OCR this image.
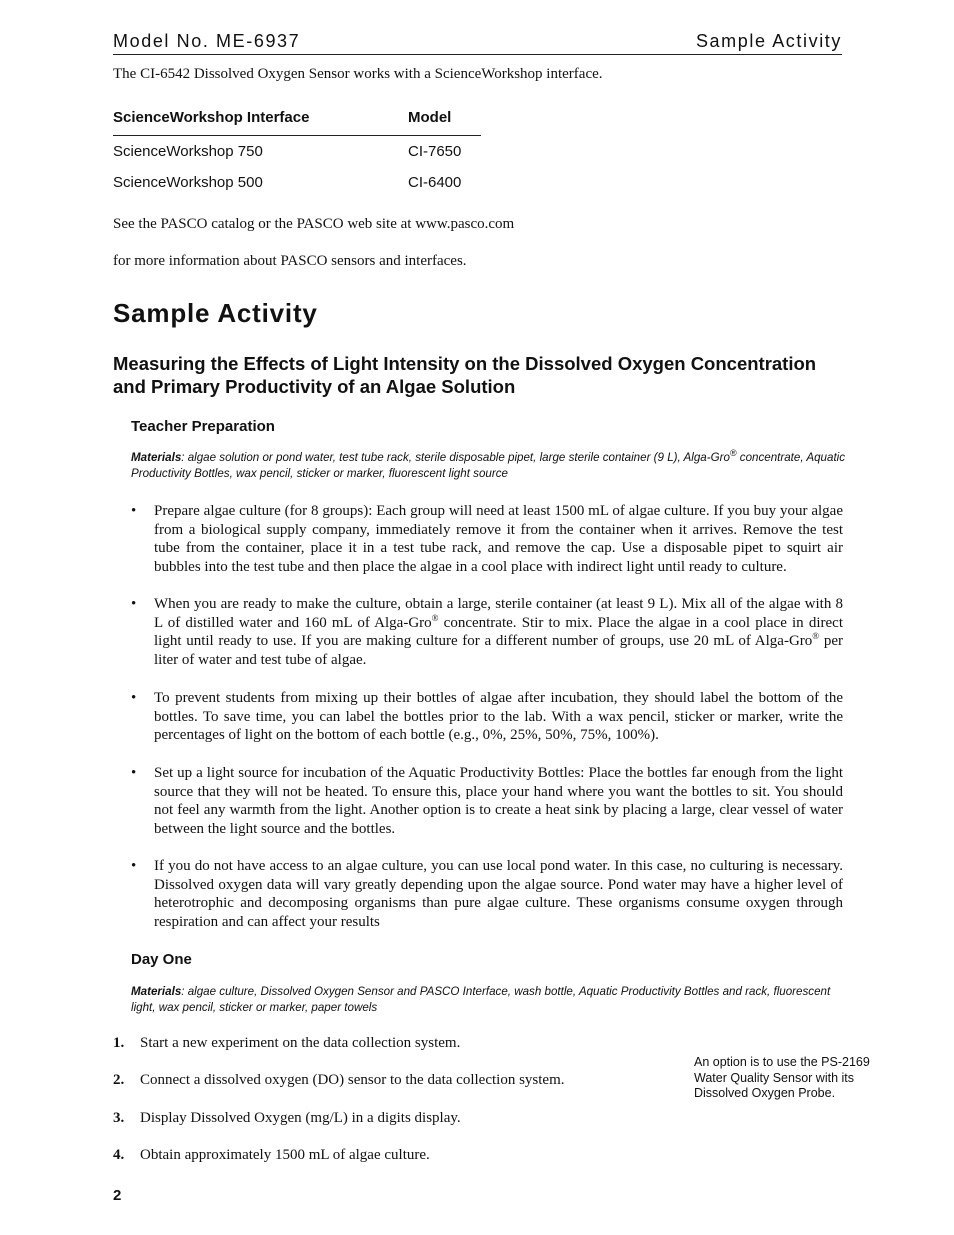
Model No. ME-6937	Sample Activity
The CI-6542 Dissolved Oxygen Sensor works with a ScienceWorkshop interface.
ScienceWorkshop Interface	Model
ScienceWorkshop 750	CI-7650
ScienceWorkshop 500	CI-6400
See the PASCO catalog or the PASCO web site at www.pasco.com
for more information about PASCO sensors and interfaces.
Sample Activity
Measuring the Effects of Light Intensity on the Dissolved Oxygen Concentration and Primary Productivity of an Algae Solution
Teacher Preparation
Materials: algae solution or pond water, test tube rack, sterile disposable pipet, large sterile container (9 L), Alga-Gro® concentrate, Aquatic Productivity Bottles, wax pencil, sticker or marker, fluorescent light source
• Prepare algae culture (for 8 groups): Each group will need at least 1500 mL of algae culture. If you buy your algae from a biological supply company, immediately remove it from the container when it arrives. Remove the test tube from the container, place it in a test tube rack, and remove the cap. Use a disposable pipet to squirt air bubbles into the test tube and then place the algae in a cool place with indirect light until ready to culture.
• When you are ready to make the culture, obtain a large, sterile container (at least 9 L). Mix all of the algae with 8 L of distilled water and 160 mL of Alga-Gro® concentrate. Stir to mix. Place the algae in a cool place in direct light until ready to use. If you are making culture for a different number of groups, use 20 mL of Alga-Gro® per liter of water and test tube of algae.
• To prevent students from mixing up their bottles of algae after incubation, they should label the bottom of the bottles. To save time, you can label the bottles prior to the lab. With a wax pencil, sticker or marker, write the percentages of light on the bottom of each bottle (e.g., 0%, 25%, 50%, 75%, 100%).
• Set up a light source for incubation of the Aquatic Productivity Bottles: Place the bottles far enough from the light source that they will not be heated. To ensure this, place your hand where you want the bottles to sit. You should not feel any warmth from the light. Another option is to create a heat sink by placing a large, clear vessel of water between the light source and the bottles.
• If you do not have access to an algae culture, you can use local pond water. In this case, no culturing is necessary. Dissolved oxygen data will vary greatly depending upon the algae source. Pond water may have a higher level of heterotrophic and decomposing organisms than pure algae culture. These organisms consume oxygen through respiration and can affect your results
Day One
Materials: algae culture, Dissolved Oxygen Sensor and PASCO Interface, wash bottle, Aquatic Productivity Bottles and rack, fluorescent light, wax pencil, sticker or marker, paper towels
1. Start a new experiment on the data collection system.
2. Connect a dissolved oxygen (DO) sensor to the data collection system.
3. Display Dissolved Oxygen (mg/L) in a digits display.
4. Obtain approximately 1500 mL of algae culture.
An option is to use the PS-2169 Water Quality Sensor with its Dissolved Oxygen Probe.
2
